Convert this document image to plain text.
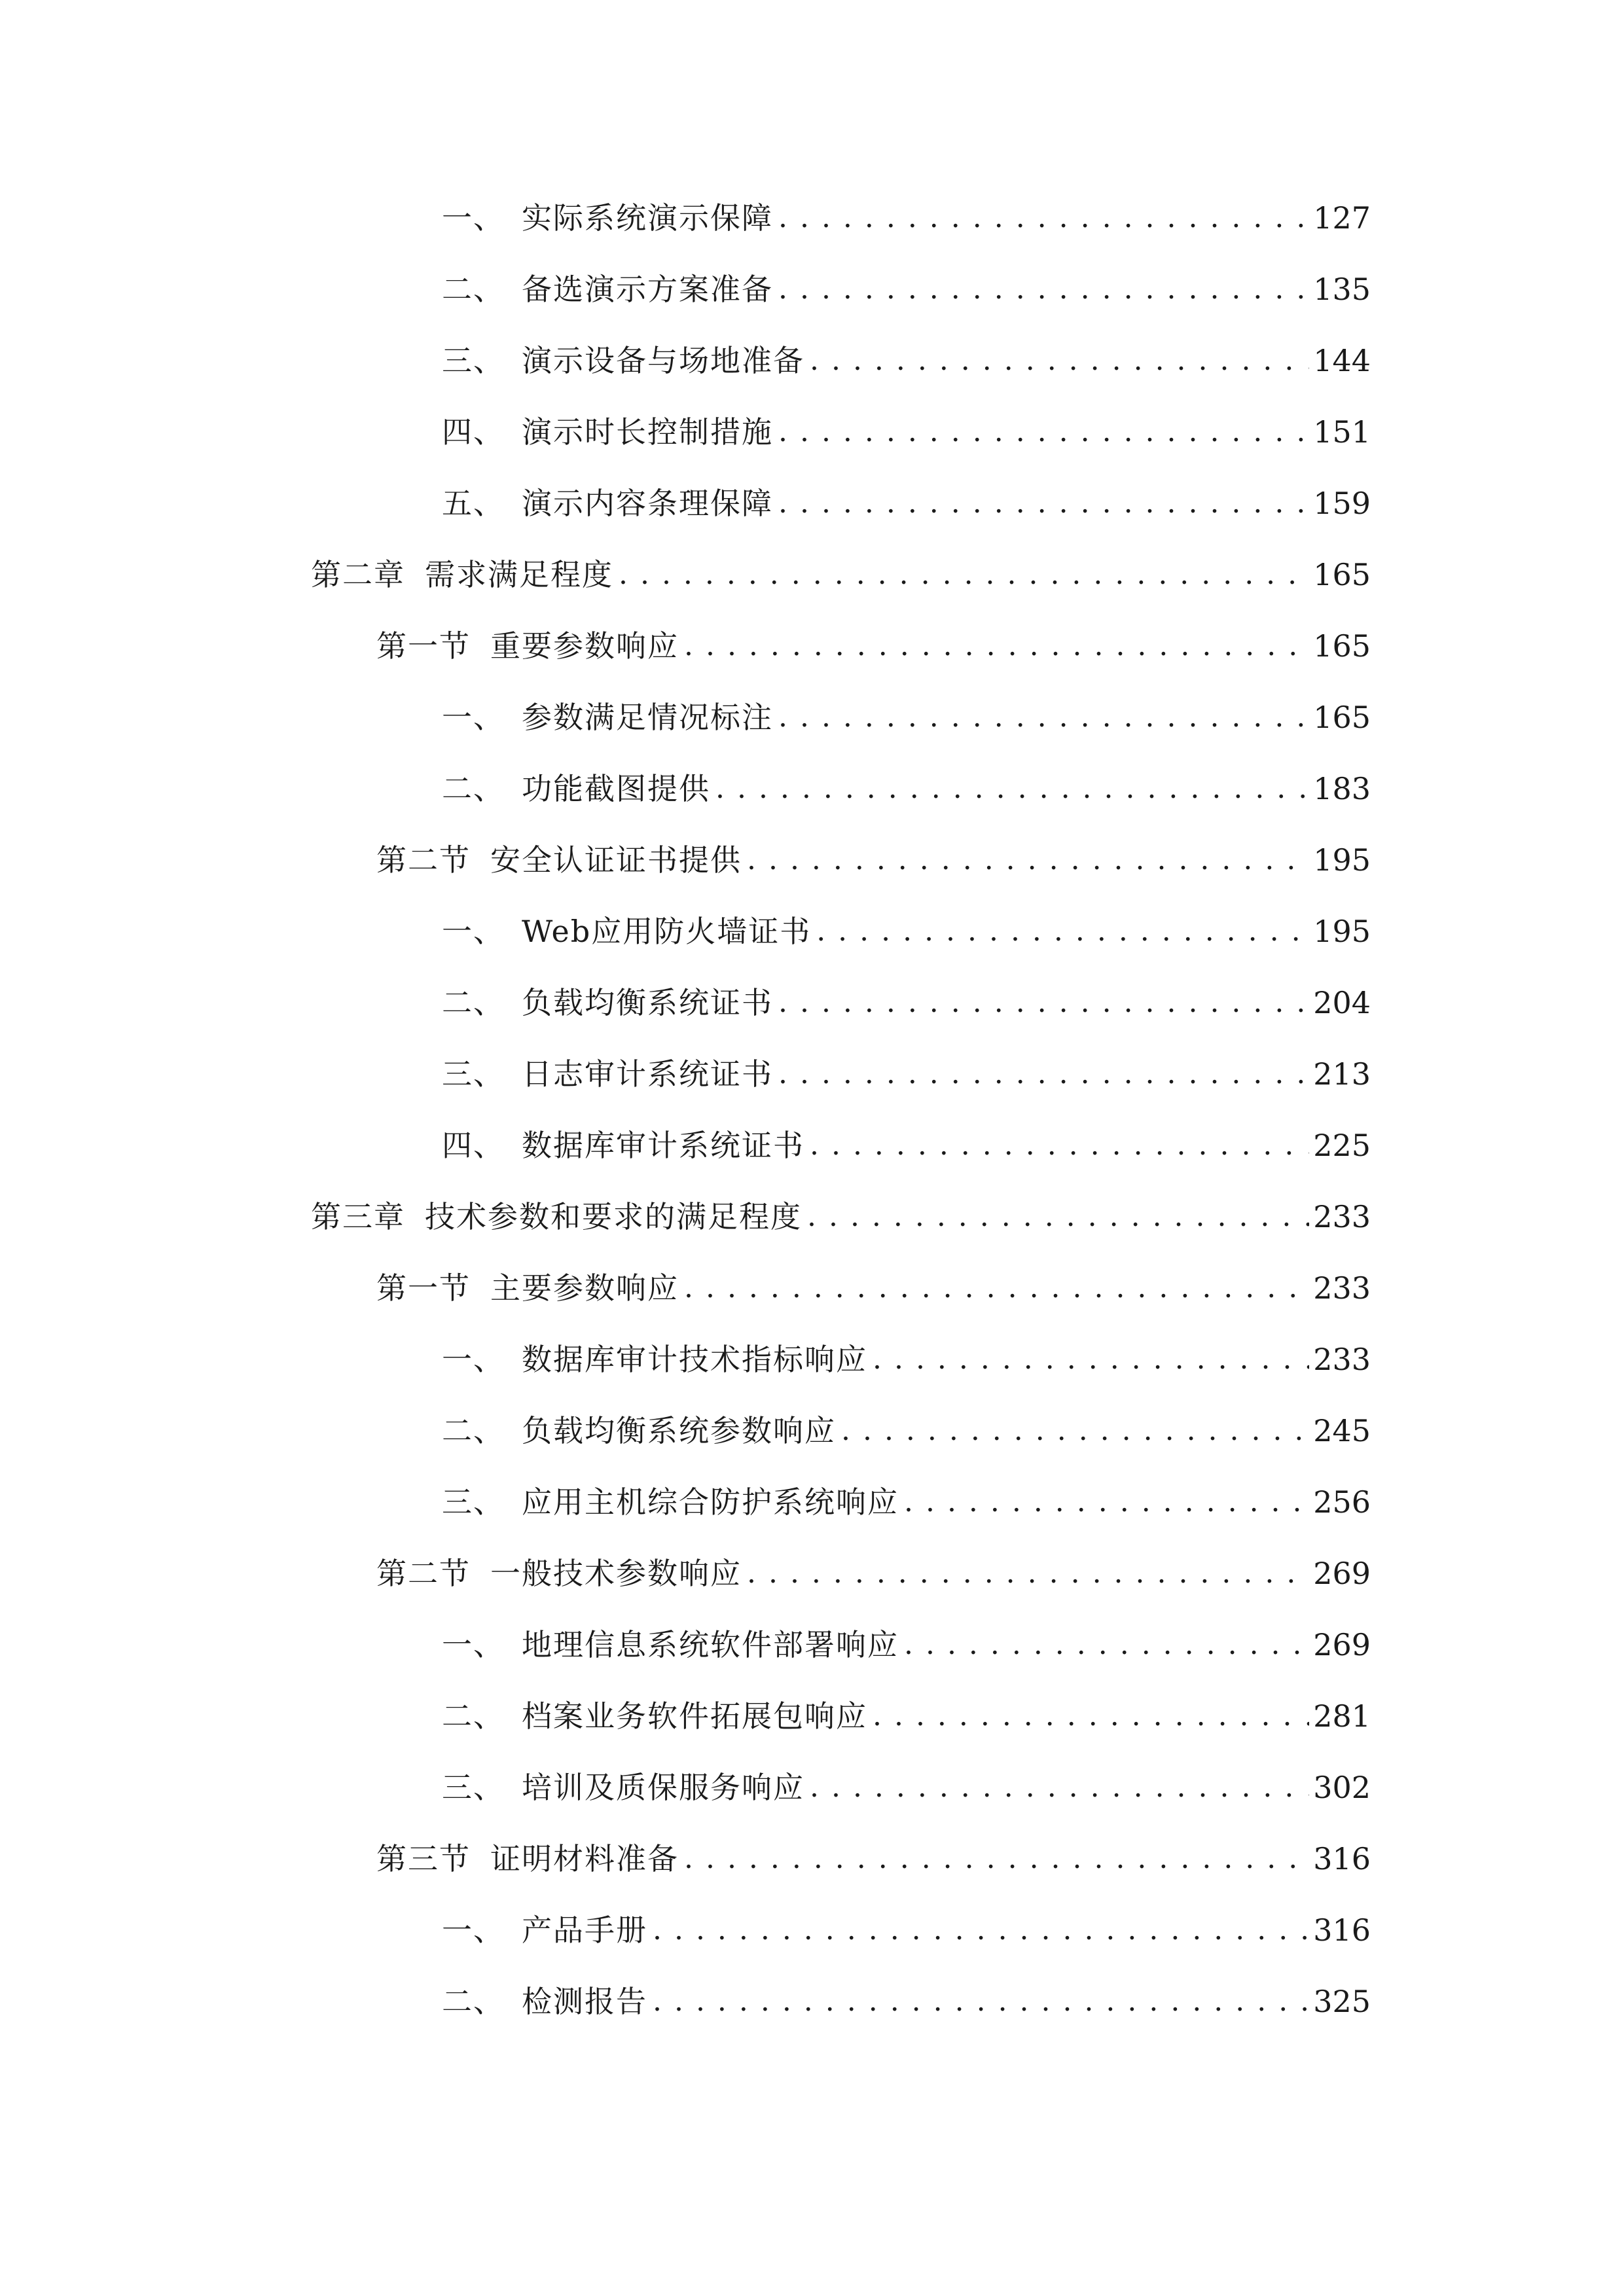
一、 实际系统演示保障 . . .	127
二、 备选演示方案准备 . . .	135
三、 演示设备与场地准备 . . .	144
四、 演示时长控制措施 . . .	151
五、 演示内容条理保障 . . .	159
第二章 需求满足程度 . . .	165
第一节 重要参数响应 . . .	165
一、 参数满足情况标注 . . .	165
二、 功能截图提供 . . .	183
第二节 安全认证证书提供 . . .	195
一、 Web应用防火墙证书 . . .	195
二、 负载均衡系统证书 . . .	204
三、 日志审计系统证书 . . .	213
四、 数据库审计系统证书 . . .	225
第三章 技术参数和要求的满足程度 . . .	233
第一节 主要参数响应 . . .	233
一、 数据库审计技术指标响应 . . .	233
二、 负载均衡系统参数响应 . . .	245
三、 应用主机综合防护系统响应 . . .	256
第二节 一般技术参数响应 . . .	269
一、 地理信息系统软件部署响应 . . .	269
二、 档案业务软件拓展包响应 . . .	281
三、 培训及质保服务响应 . . .	302
第三节 证明材料准备 . . .	316
一、 产品手册 . . .	316
二、 检测报告 . . .	325
